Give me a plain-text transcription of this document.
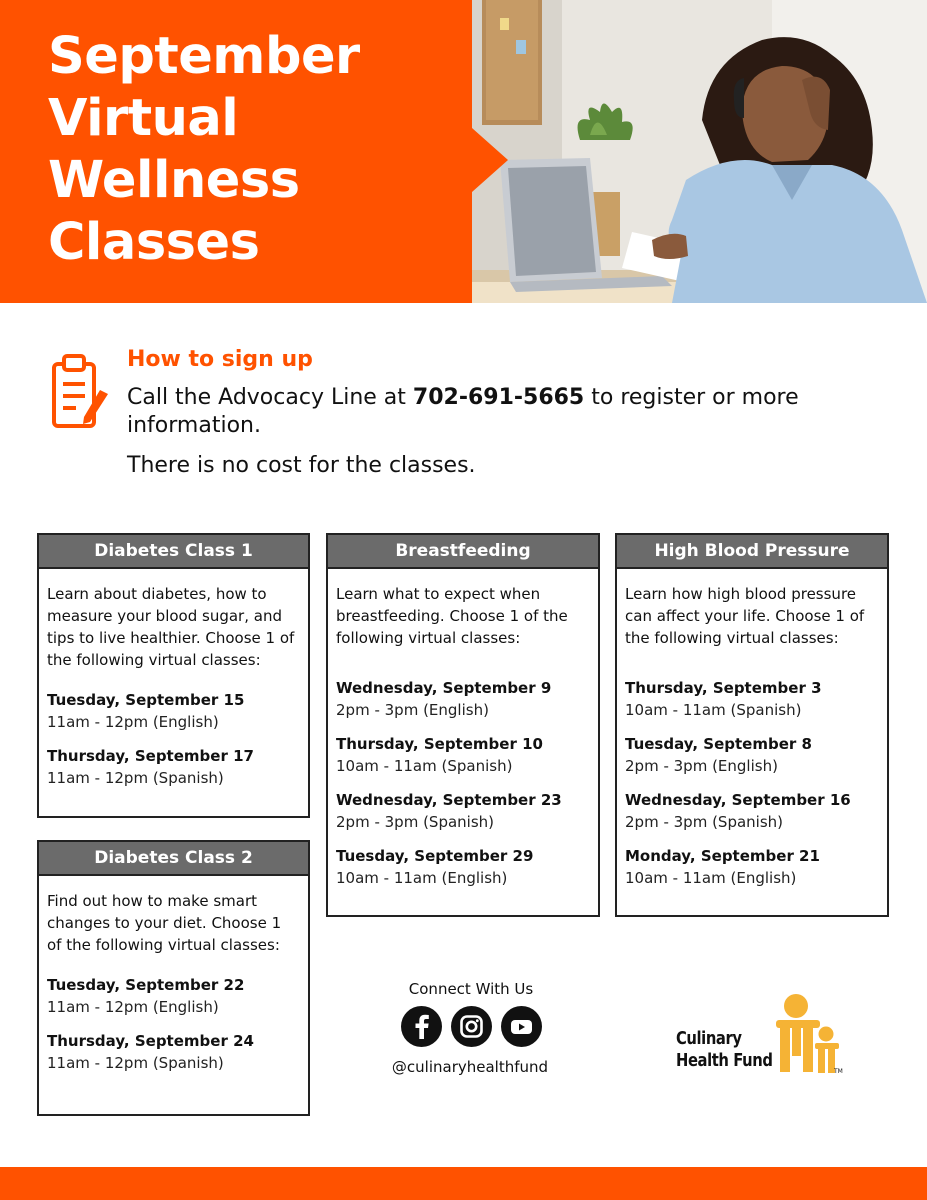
September
Virtual
Wellness
Classes
How to sign up
Call the Advocacy Line at 702-691-5665 to register or more information.
There is no cost for the classes.
Diabetes Class 1

Learn about diabetes, how to measure your blood sugar, and tips to live healthier. Choose 1 of the following virtual classes:

Tuesday, September 15
11am - 12pm (English)
Thursday, September 17
11am - 12pm (Spanish)
Diabetes Class 2

Find out how to make smart changes to your diet. Choose 1 of the following virtual classes:

Tuesday, September 22
11am - 12pm (English)
Thursday, September 24
11am - 12pm (Spanish)
Breastfeeding

Learn what to expect when breastfeeding. Choose 1 of the following virtual classes:

Wednesday, September 9
2pm - 3pm (English)
Thursday, September 10
10am - 11am (Spanish)
Wednesday, September 23
2pm - 3pm (Spanish)
Tuesday, September 29
10am - 11am (English)
High Blood Pressure

Learn how high blood pressure can affect your life. Choose 1 of the following virtual classes:

Thursday, September 3
10am - 11am (Spanish)
Tuesday, September 8
2pm - 3pm (English)
Wednesday, September 16
2pm - 3pm (Spanish)
Monday, September 21
10am - 11am (English)
Connect With Us
@culinaryhealthfund
Culinary
Health Fund
TM
